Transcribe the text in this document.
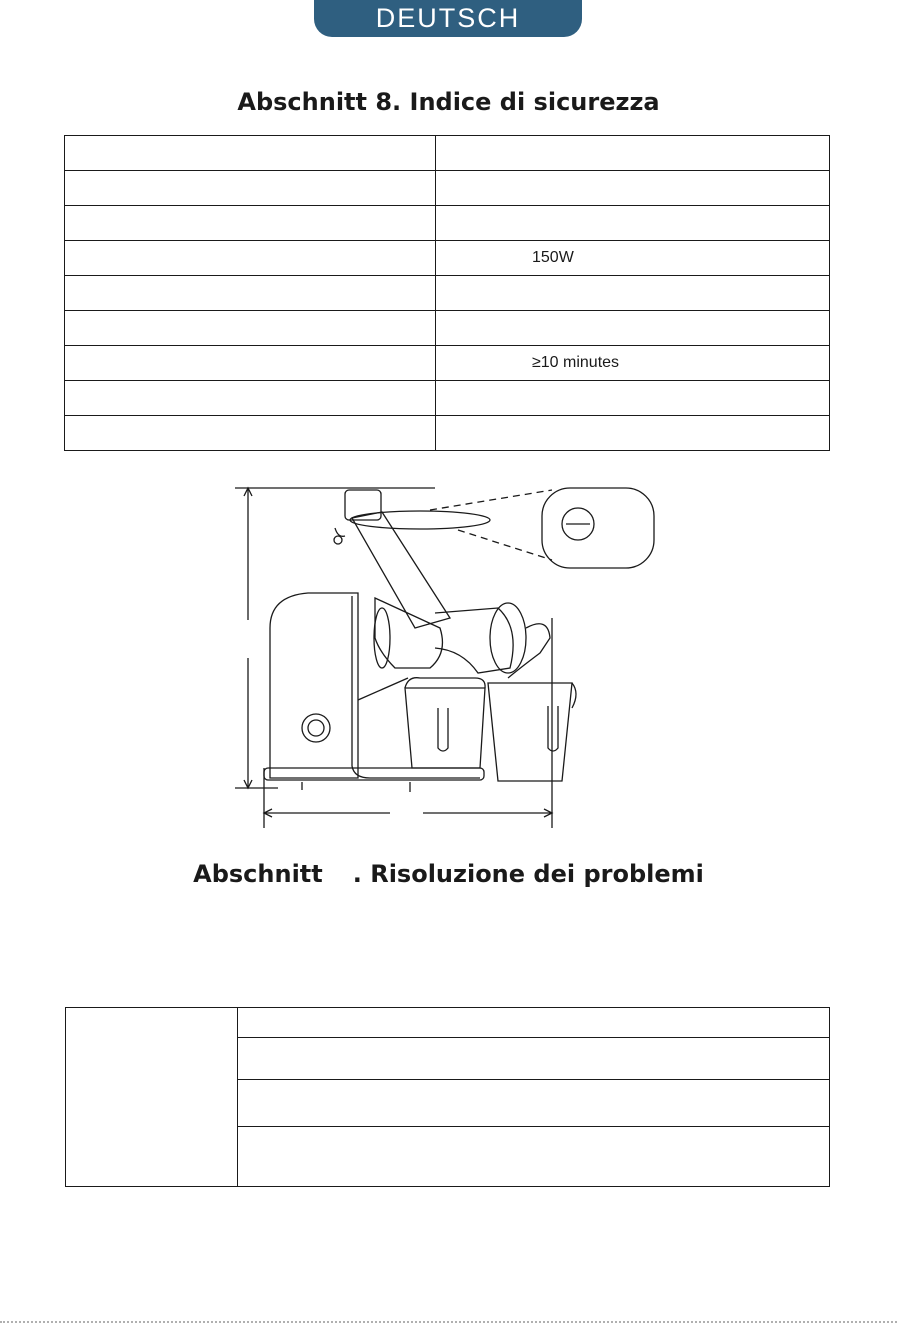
DEUTSCH
Abschnitt 8. Indice di sicurezza

	150W

	≥10 minutes

Abschnitt . Risoluzione dei problemi
